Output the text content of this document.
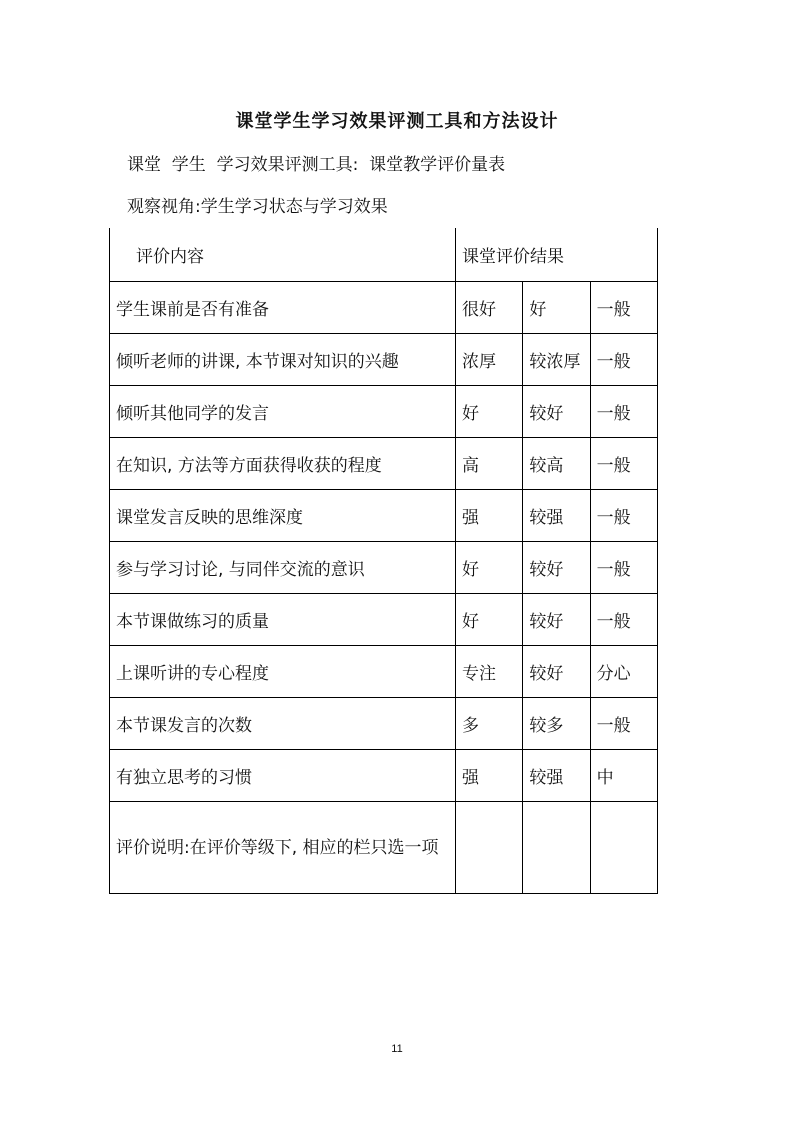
课堂学生学习效果评测工具和方法设计
课堂  学生  学习效果评测工具:  课堂教学评价量表
观察视角:学生学习状态与学习效果
评价内容	课堂评价结果		
学生课前是否有准备	很好	好	一般
倾听老师的讲课, 本节课对知识的兴趣	浓厚	较浓厚	一般
倾听其他同学的发言	好	较好	一般
在知识, 方法等方面获得收获的程度	高	较高	一般
课堂发言反映的思维深度	强	较强	一般
参与学习讨论, 与同伴交流的意识	好	较好	一般
本节课做练习的质量	好	较好	一般
上课听讲的专心程度	专注	较好	分心
本节课发言的次数	多	较多	一般
有独立思考的习惯	强	较强	中
评价说明:在评价等级下, 相应的栏只选一项			
11
